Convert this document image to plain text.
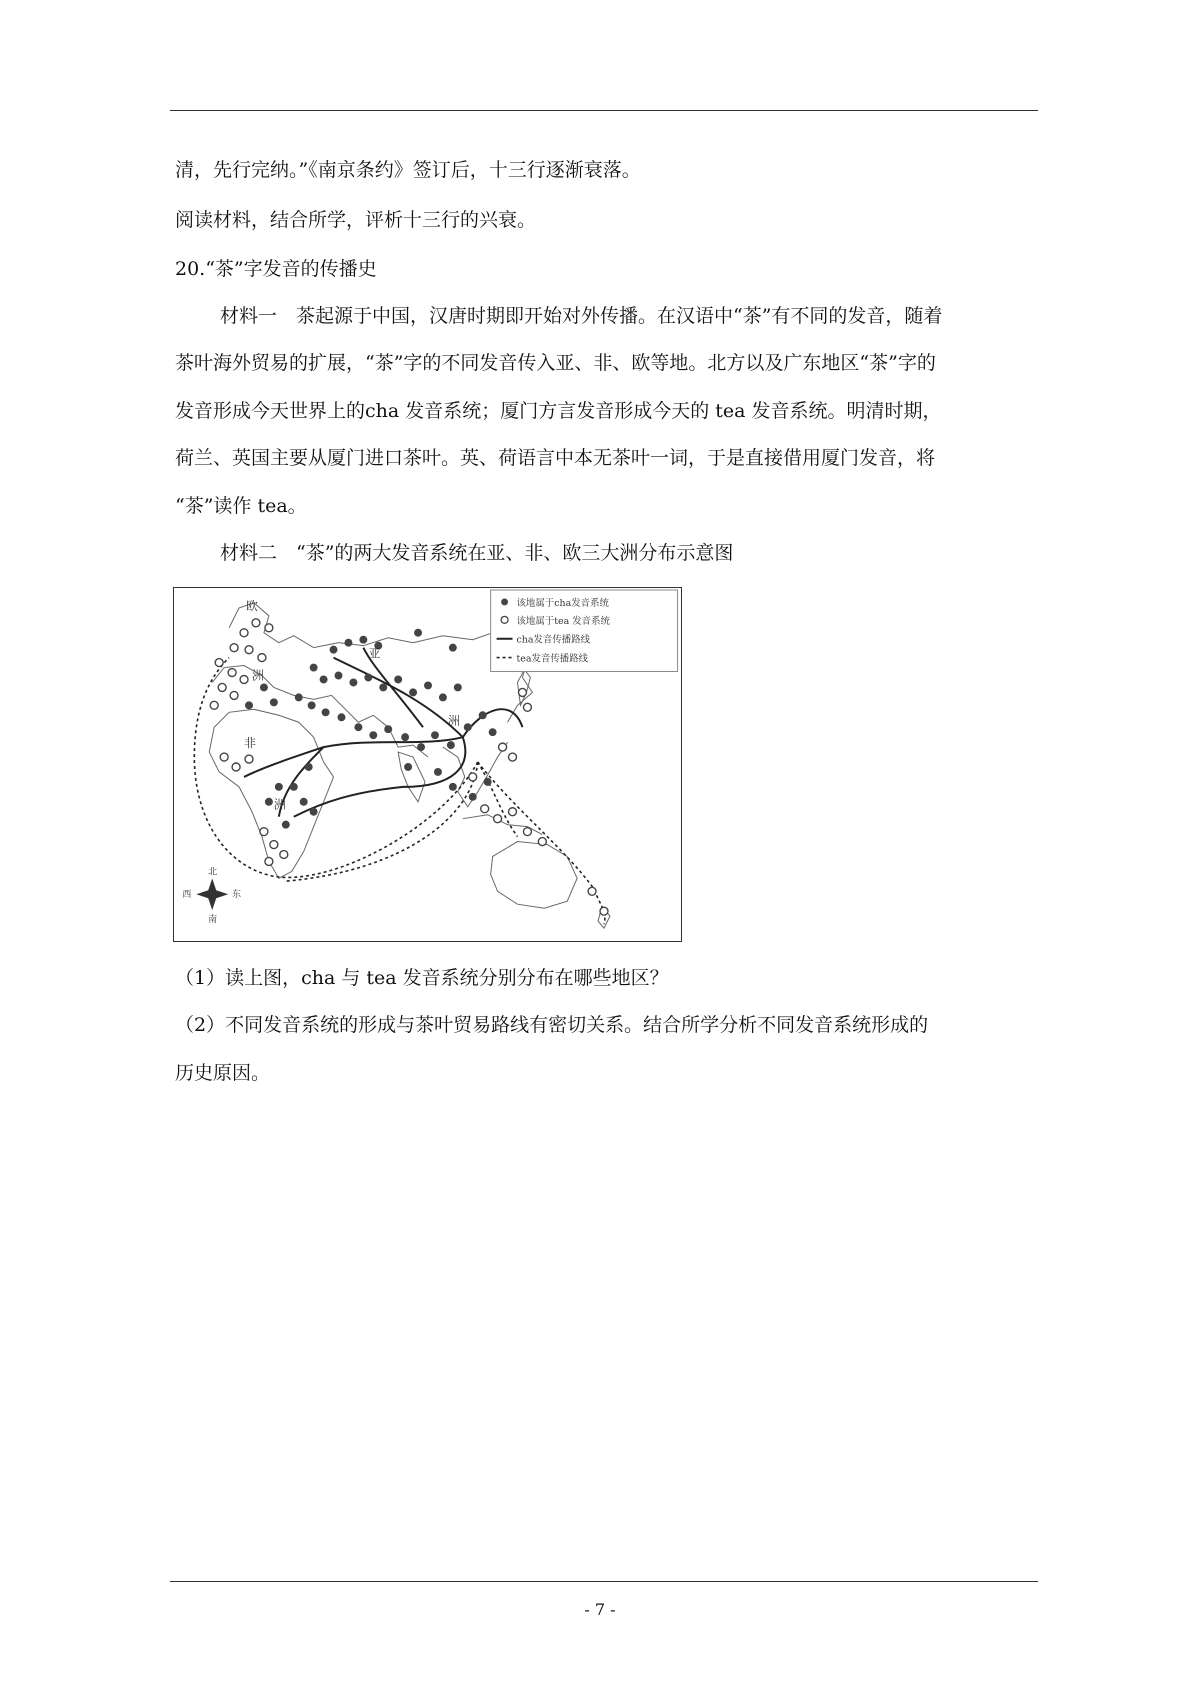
清，先行完纳。”《南京条约》签订后，十三行逐渐衰落。
阅读材料，结合所学，评析十三行的兴衰。
20.“茶”字发音的传播史
材料一　茶起源于中国，汉唐时期即开始对外传播。在汉语中“茶”有不同的发音，随着
茶叶海外贸易的扩展，“茶”字的不同发音传入亚、非、欧等地。北方以及广东地区“茶”字的
发音形成今天世界上的cha 发音系统；厦门方言发音形成今天的 tea 发音系统。明清时期，
荷兰、英国主要从厦门进口茶叶。英、荷语言中本无茶叶一词，于是直接借用厦门发音，将
“茶”读作 tea。
材料二　“茶”的两大发音系统在亚、非、欧三大洲分布示意图
欧
洲
亚
洲
非
洲
该地属于cha发音系统
该地属于tea 发音系统
cha发音传播路线
tea发音传播路线
北
南
东
西
（1）读上图，cha 与 tea 发音系统分别分布在哪些地区？
（2）不同发音系统的形成与茶叶贸易路线有密切关系。结合所学分析不同发音系统形成的
历史原因。
- 7 -
